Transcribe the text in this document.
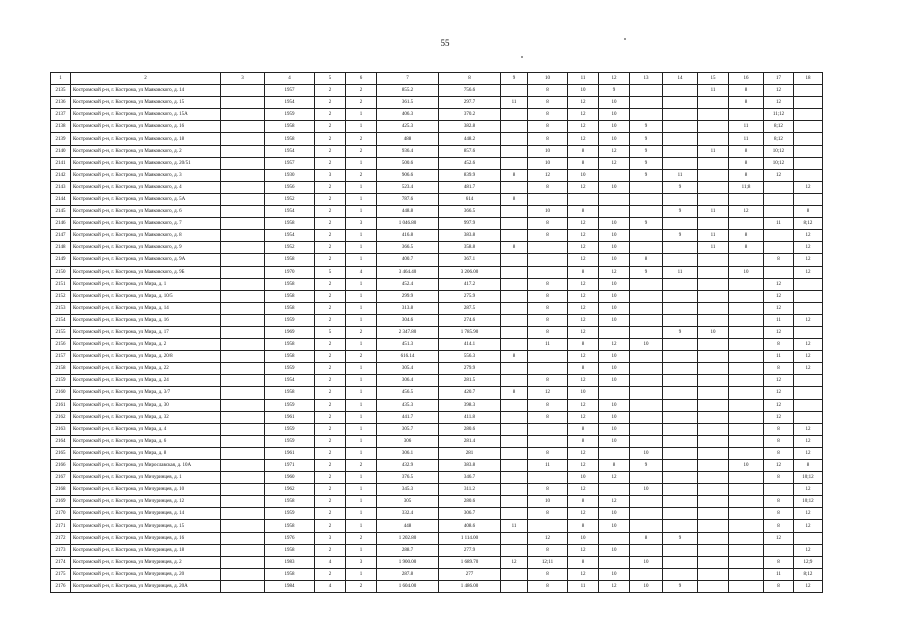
55
1	2	3	4	5	6	7	8	9	10	11	12	13	14	15	16	17	18
2135	Костромской р-н, г. Кострома, ул Маяковского, д. 14		1957	2	2	855.2	756.6		8	10	9			11	8	12	
2136	Костромской р-н, г. Кострома, ул Маяковского, д. 15		1954	2	2	361.5	297.7	11	8	12	10				8	12	
2137	Костромской р-н, г. Кострома, ул Маяковского, д. 15А		1959	2	1	406.3	370.2		8	12	10					11;12	
2138	Костромской р-н, г. Кострома, ул Маяковского, д. 16		1958	2	1	425.3	382.8		8	12	10	9			11	8;12	
2139	Костромской р-н, г. Кострома, ул Маяковского, д. 18		1958	2	2	488	448.2		8	12	10	9			11	8;12	
2140	Костромской р-н, г. Кострома, ул Маяковского, д. 2		1954	2	2	936.4	857.6		10	8	12	9		11	8	10;12	
2141	Костромской р-н, г. Кострома, ул Маяковского, д. 20/51		1957	2	1	500.6	452.6		10	8	12	9			8	10;12	
2142	Костромской р-н, г. Кострома, ул Маяковского, д. 3		1930	3	2	906.6	839.9	8	12	10		9	11		8	12	
2143	Костромской р-н, г. Кострома, ул Маяковского, д. 4		1956	2	1	523.4	481.7		8	12	10		9		11;8		12
2144	Костромской р-н, г. Кострома, ул Маяковского, д. 5А		1952	2	1	787.6	614	8									
2145	Костромской р-н, г. Кострома, ул Маяковского, д. 6		1954	2	1	448.8	366.5		10	8			9	11	12		8
2146	Костромской р-н, г. Кострома, ул Маяковского, д. 7		1958	2	3	1 046.80	997.9		8	12	10	9				11	8;12
2147	Костромской р-н, г. Кострома, ул Маяковского, д. 8		1954	2	1	416.8	383.8		8	12	10		9	11	8		12
2148	Костромской р-н, г. Кострома, ул Маяковского, д. 9		1952	2	1	366.5	358.8	8		12	10			11	8		12
2149	Костромской р-н, г. Кострома, ул Маяковского, д. 9А		1958	2	1	400.7	367.1			12	10	8				8	12
2150	Костромской р-н, г. Кострома, ул Маяковского, д. 9Б		1970	5	4	3 464.40	3 206.00			8	12	9	11		10		12
2151	Костромской р-н, г. Кострома, ул Мира, д. 1		1958	2	1	452.4	417.2		8	12	10					12	
2152	Костромской р-н, г. Кострома, ул Мира, д. 10/5		1958	2	1	299.9	275.9		8	12	10					12	
2153	Костромской р-н, г. Кострома, ул Мира, д. 14		1958	2	1	313.8	287.5		8	12	10					12	
2154	Костромской р-н, г. Кострома, ул Мира, д. 16		1959	2	1	304.6	274.6		8	12	10					11	12
2155	Костромской р-н, г. Кострома, ул Мира, д. 17		1969	5	2	2 347.80	1 785.90		8	12			9	10		12	
2156	Костромской р-н, г. Кострома, ул Мира, д. 2		1958	2	1	451.3	414.1		11	8	12	10				8	12
2157	Костромской р-н, г. Кострома, ул Мира, д. 20/8		1958	2	2	616.14	556.3	8		12	10					11	12
2158	Костромской р-н, г. Кострома, ул Мира, д. 22		1959	2	1	305.4	279.9			8	10					8	12
2159	Костромской р-н, г. Кострома, ул Мира, д. 24		1954	2	1	306.4	281.5		8	12	10					12	
2160	Костромской р-н, г. Кострома, ул Мира, д. 3/7		1958	2	1	456.5	420.7	8	12	10						12	
2161	Костромской р-н, г. Кострома, ул Мира, д. 30		1959	2	1	435.3	398.3		8	12	10					12	
2162	Костромской р-н, г. Кострома, ул Мира, д. 32		1961	2	1	441.7	411.8		8	12	10					12	
2163	Костромской р-н, г. Кострома, ул Мира, д. 4		1959	2	1	305.7	280.6			8	10					8	12
2164	Костромской р-н, г. Кострома, ул Мира, д. 6		1959	2	1	306	281.4			8	10					8	12
2165	Костромской р-н, г. Кострома, ул Мира, д. 8		1961	2	1	306.1	281		8	12		10				8	12
2166	Костромской р-н, г. Кострома, ул Мирославская, д. 10А		1971	2	2	432.9	383.8		11	12	8	9			10	12	8
2167	Костромской р-н, г. Кострома, ул Мичуринцев, д. 1		1960	2	1	376.5	346.7			10	12					8	10;12
2168	Костромской р-н, г. Кострома, ул Мичуринцев, д. 10		1962	2	1	345.3	311.2		8	12		10					12
2169	Костромской р-н, г. Кострома, ул Мичуринцев, д. 12		1958	2	1	305	280.6		10	8	12					8	10;12
2170	Костромской р-н, г. Кострома, ул Мичуринцев, д. 14		1959	2	1	332.4	306.7		8	12	10					8	12
2171	Костромской р-н, г. Кострома, ул Мичуринцев, д. 15		1958	2	1	448	408.6	11		8	10					8	12
2172	Костромской р-н, г. Кострома, ул Мичуринцев, д. 16		1976	3	2	1 202.80	1 114.00		12	10		8	9			12	
2173	Костромской р-н, г. Кострома, ул Мичуринцев, д. 18		1958	2	1	288.7	277.9		8	12	10						12
2174	Костромской р-н, г. Кострома, ул Мичуринцев, д. 2		1983	4	3	1 900.00	1 689.70	12	12;11	8		10				8	12;9
2175	Костромской р-н, г. Кострома, ул Мичуринцев, д. 20		1958	2	1	287.8	277		8	12	10					11	8;12
2176	Костромской р-н, г. Кострома, ул Мичуринцев, д. 20А		1984	4	2	1 604.00	1 486.00		8	11	12	10	9			8	12
